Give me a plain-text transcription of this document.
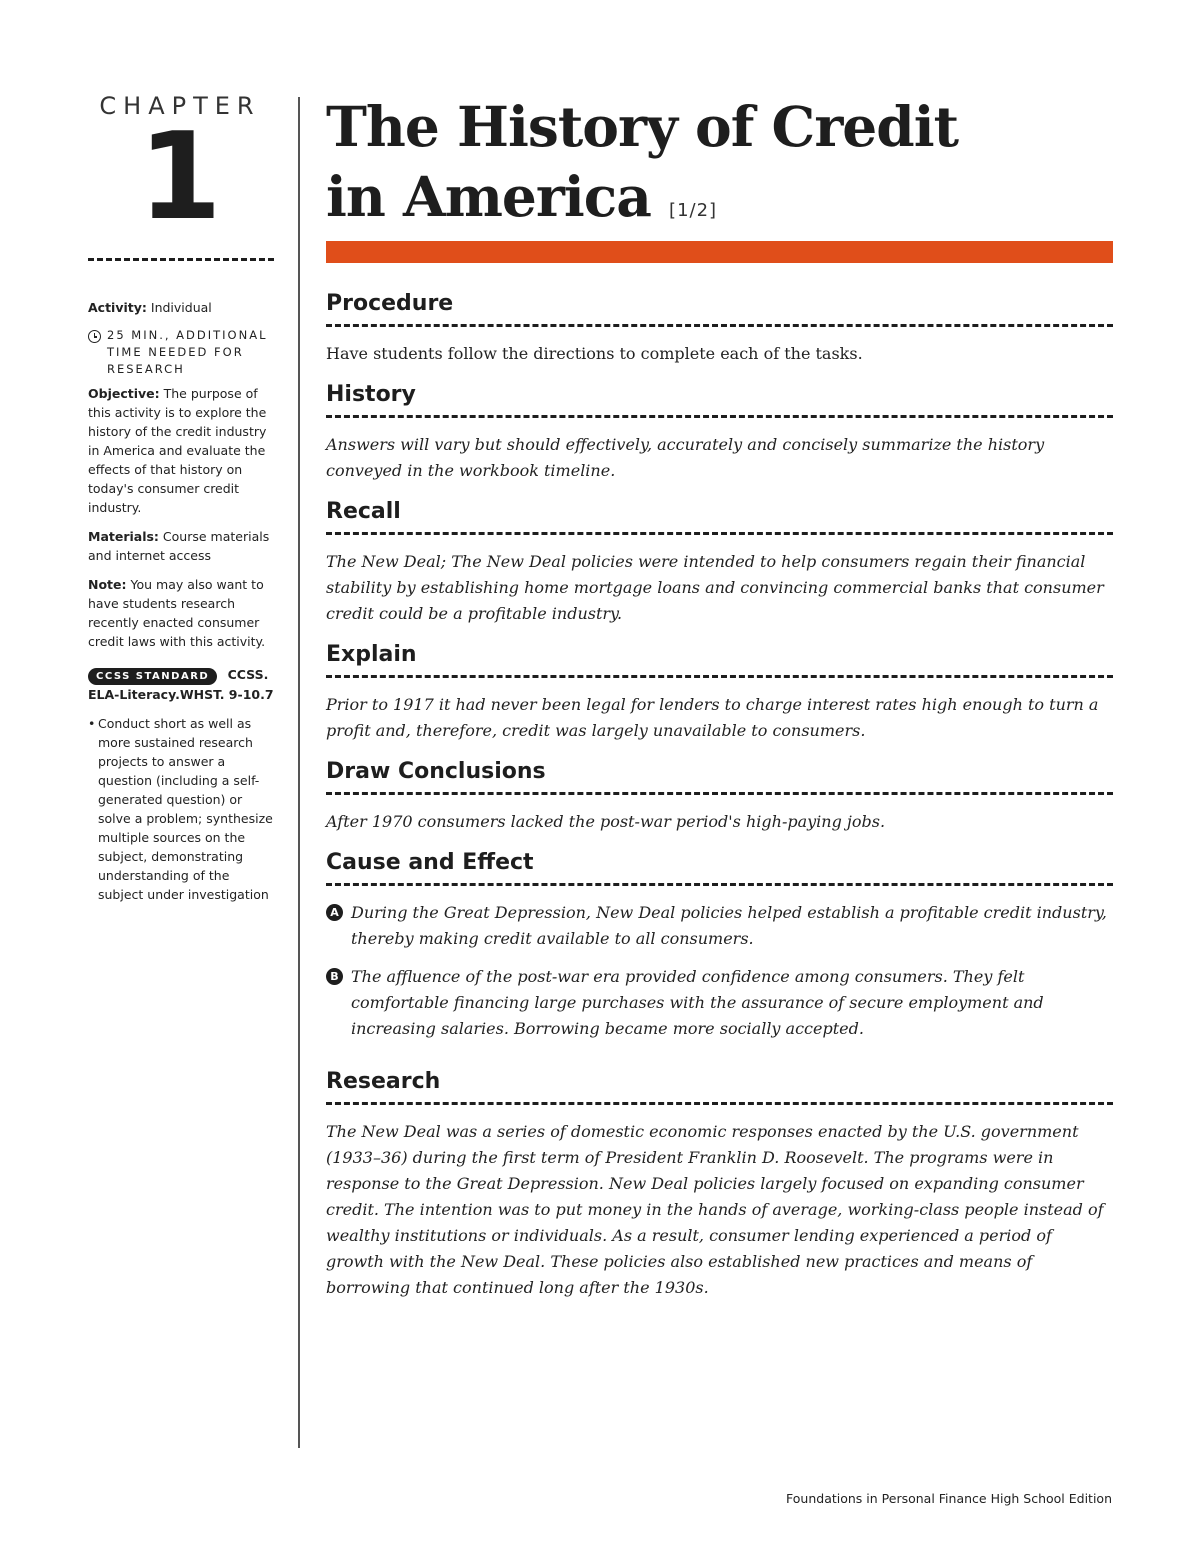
CHAPTER
1

Activity: Individual

25 MIN., ADDITIONAL TIME NEEDED FOR RESEARCH

Objective: The purpose of this activity is to explore the history of the credit industry in America and evaluate the effects of that history on today's consumer credit industry.

Materials: Course materials and internet access

Note: You may also want to have students research recently enacted consumer credit laws with this activity.

CCSS STANDARD CCSS. ELA-Literacy.WHST. 9-10.7
• Conduct short as well as more sustained research projects to answer a question (including a self-generated question) or solve a problem; synthesize multiple sources on the subject, demonstrating understanding of the subject under investigation
The History of Credit
in America [1/2]
Procedure

Have students follow the directions to complete each of the tasks.

History

Answers will vary but should effectively, accurately and concisely summarize the history conveyed in the workbook timeline.

Recall

The New Deal; The New Deal policies were intended to help consumers regain their financial stability by establishing home mortgage loans and convincing commercial banks that consumer credit could be a profitable industry.

Explain

Prior to 1917 it had never been legal for lenders to charge interest rates high enough to turn a profit and, therefore, credit was largely unavailable to consumers.

Draw Conclusions

After 1970 consumers lacked the post-war period's high-paying jobs.

Cause and Effect
A During the Great Depression, New Deal policies helped establish a profitable credit industry, thereby making credit available to all consumers.

B The affluence of the post-war era provided confidence among consumers. They felt comfortable financing large purchases with the assurance of secure employment and increasing salaries. Borrowing became more socially accepted.

Research

The New Deal was a series of domestic economic responses enacted by the U.S. government (1933–36) during the first term of President Franklin D. Roosevelt. The programs were in response to the Great Depression. New Deal policies largely focused on expanding consumer credit. The intention was to put money in the hands of average, working-class people instead of wealthy institutions or individuals. As a result, consumer lending experienced a period of growth with the New Deal. These policies also established new practices and means of borrowing that continued long after the 1930s.

Foundations in Personal Finance High School Edition
